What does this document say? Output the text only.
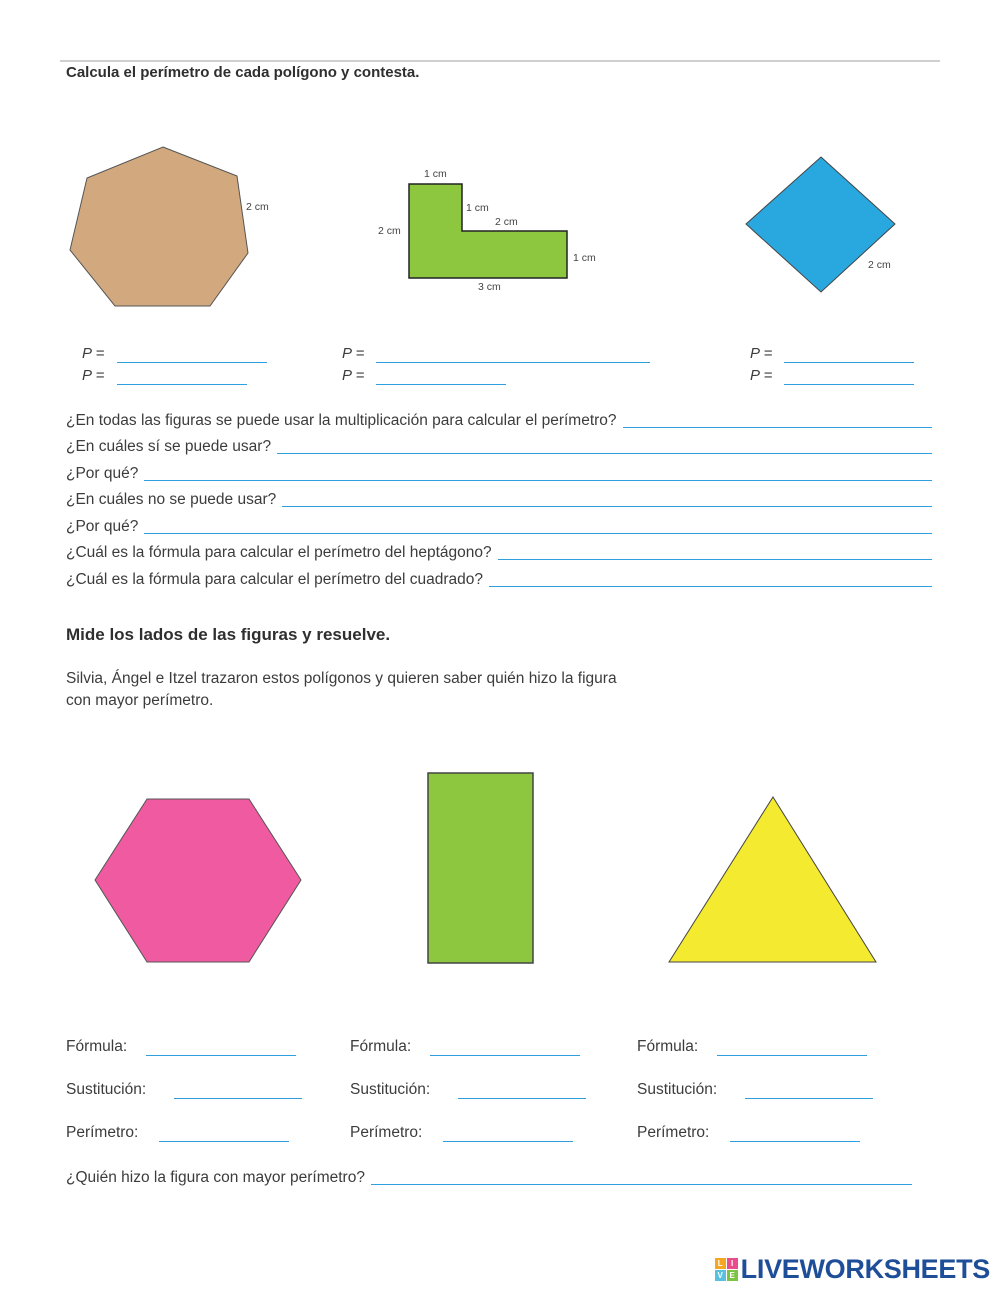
Calcula el perímetro de cada polígono y contesta.
2 cm
1 cm
1 cm
2 cm
2 cm
1 cm
3 cm
2 cm
P =
P =
P =
P =
P =
P =
¿En todas las figuras se puede usar la multiplicación para calcular el perímetro?
¿En cuáles sí se puede usar?
¿Por qué?
¿En cuáles no se puede usar?
¿Por qué?
¿Cuál es la fórmula para calcular el perímetro del heptágono?
¿Cuál es la fórmula para calcular el perímetro del cuadrado?
Mide los lados de las figuras y resuelve.
Silvia, Ángel e Itzel trazaron estos polígonos y quieren saber quién hizo la figura
con mayor perímetro.
Fórmula:
Sustitución:
Perímetro:
Fórmula:
Sustitución:
Perímetro:
Fórmula:
Sustitución:
Perímetro:
¿Quién hizo la figura con mayor perímetro?
L	I
V E LIVEWORKSHEETS
